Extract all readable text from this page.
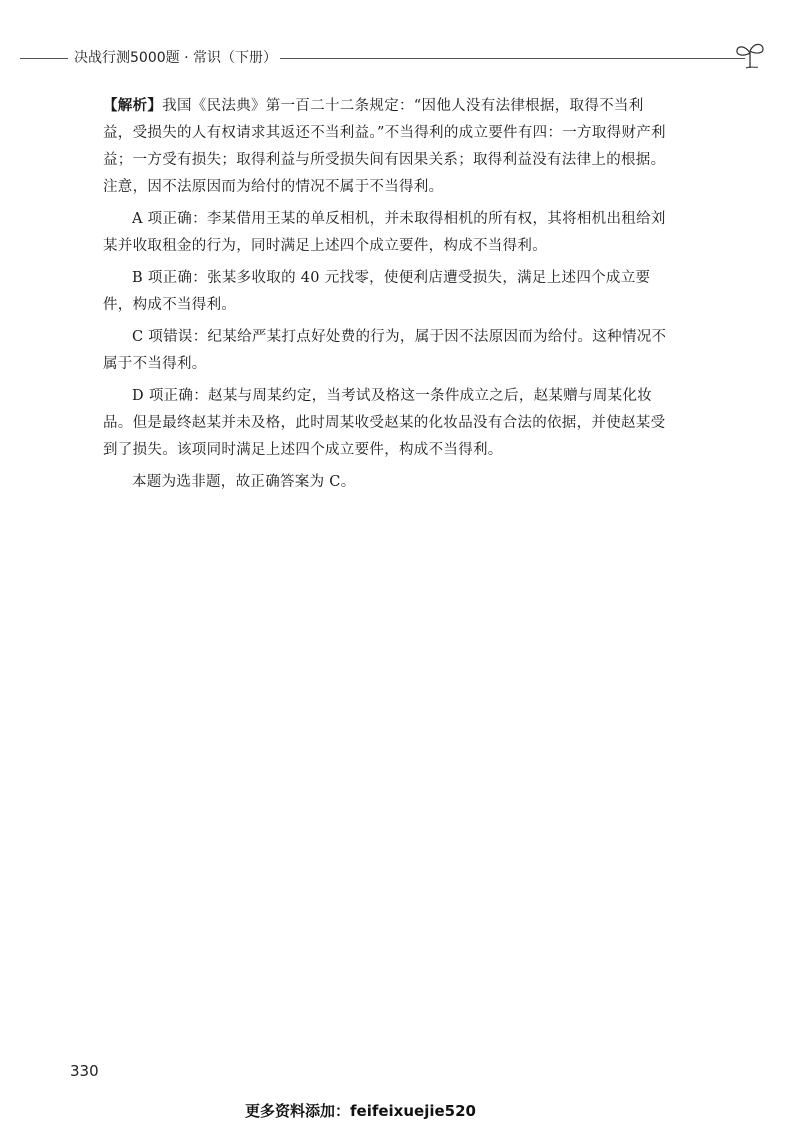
决战行测5000题 · 常识（下册）

【解析】我国《民法典》第一百二十二条规定：“因他人没有法律根据，取得不当利益，受损失的人有权请求其返还不当利益。”不当得利的成立要件有四：一方取得财产利益；一方受有损失；取得利益与所受损失间有因果关系；取得利益没有法律上的根据。注意，因不法原因而为给付的情况不属于不当得利。

A 项正确：李某借用王某的单反相机，并未取得相机的所有权，其将相机出租给刘某并收取租金的行为，同时满足上述四个成立要件，构成不当得利。

B 项正确：张某多收取的 40 元找零，使便利店遭受损失，满足上述四个成立要件，构成不当得利。

C 项错误：纪某给严某打点好处费的行为，属于因不法原因而为给付。这种情况不属于不当得利。

D 项正确：赵某与周某约定，当考试及格这一条件成立之后，赵某赠与周某化妆品。但是最终赵某并未及格，此时周某收受赵某的化妆品没有合法的依据，并使赵某受到了损失。该项同时满足上述四个成立要件，构成不当得利。

本题为选非题，故正确答案为 C。

330
更多资料添加：feifeixuejie520
